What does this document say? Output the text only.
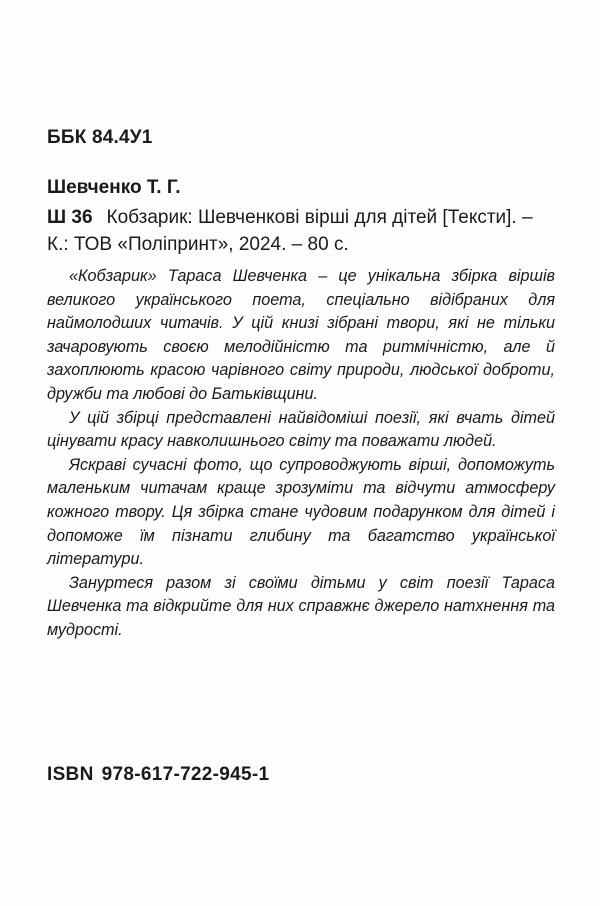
ББК 84.4У1
Шевченко Т. Г.
Ш 36 Кобзарик: Шевченкові вірші для дітей [Тексти]. –
К.: ТОВ «Поліпринт», 2024. – 80 с.

«Кобзарик» Тараса Шевченка – це унікальна збірка віршів великого українського поета, спеціально відібраних для наймолодших читачів. У цій книзі зібрані твори, які не тільки зачаровують своєю мелодійністю та ритмічністю, але й захоплюють красою чарівного світу природи, людської доброти, дружби та любові до Батьківщини.

У цій збірці представлені найвідоміші поезії, які вчать дітей цінувати красу навколишнього світу та поважати людей.

Яскраві сучасні фото, що супроводжують вірші, допоможуть маленьким читачам краще зрозуміти та відчути атмосферу кожного твору. Ця збірка стане чудовим подарунком для дітей і допоможе їм пізнати глибину та багатство української літератури.

Зануртеся разом зі своїми дітьми у світ поезії Тараса Шевченка та відкрийте для них справжнє джерело натхнення та мудрості.

ISBN 978-617-722-945-1
